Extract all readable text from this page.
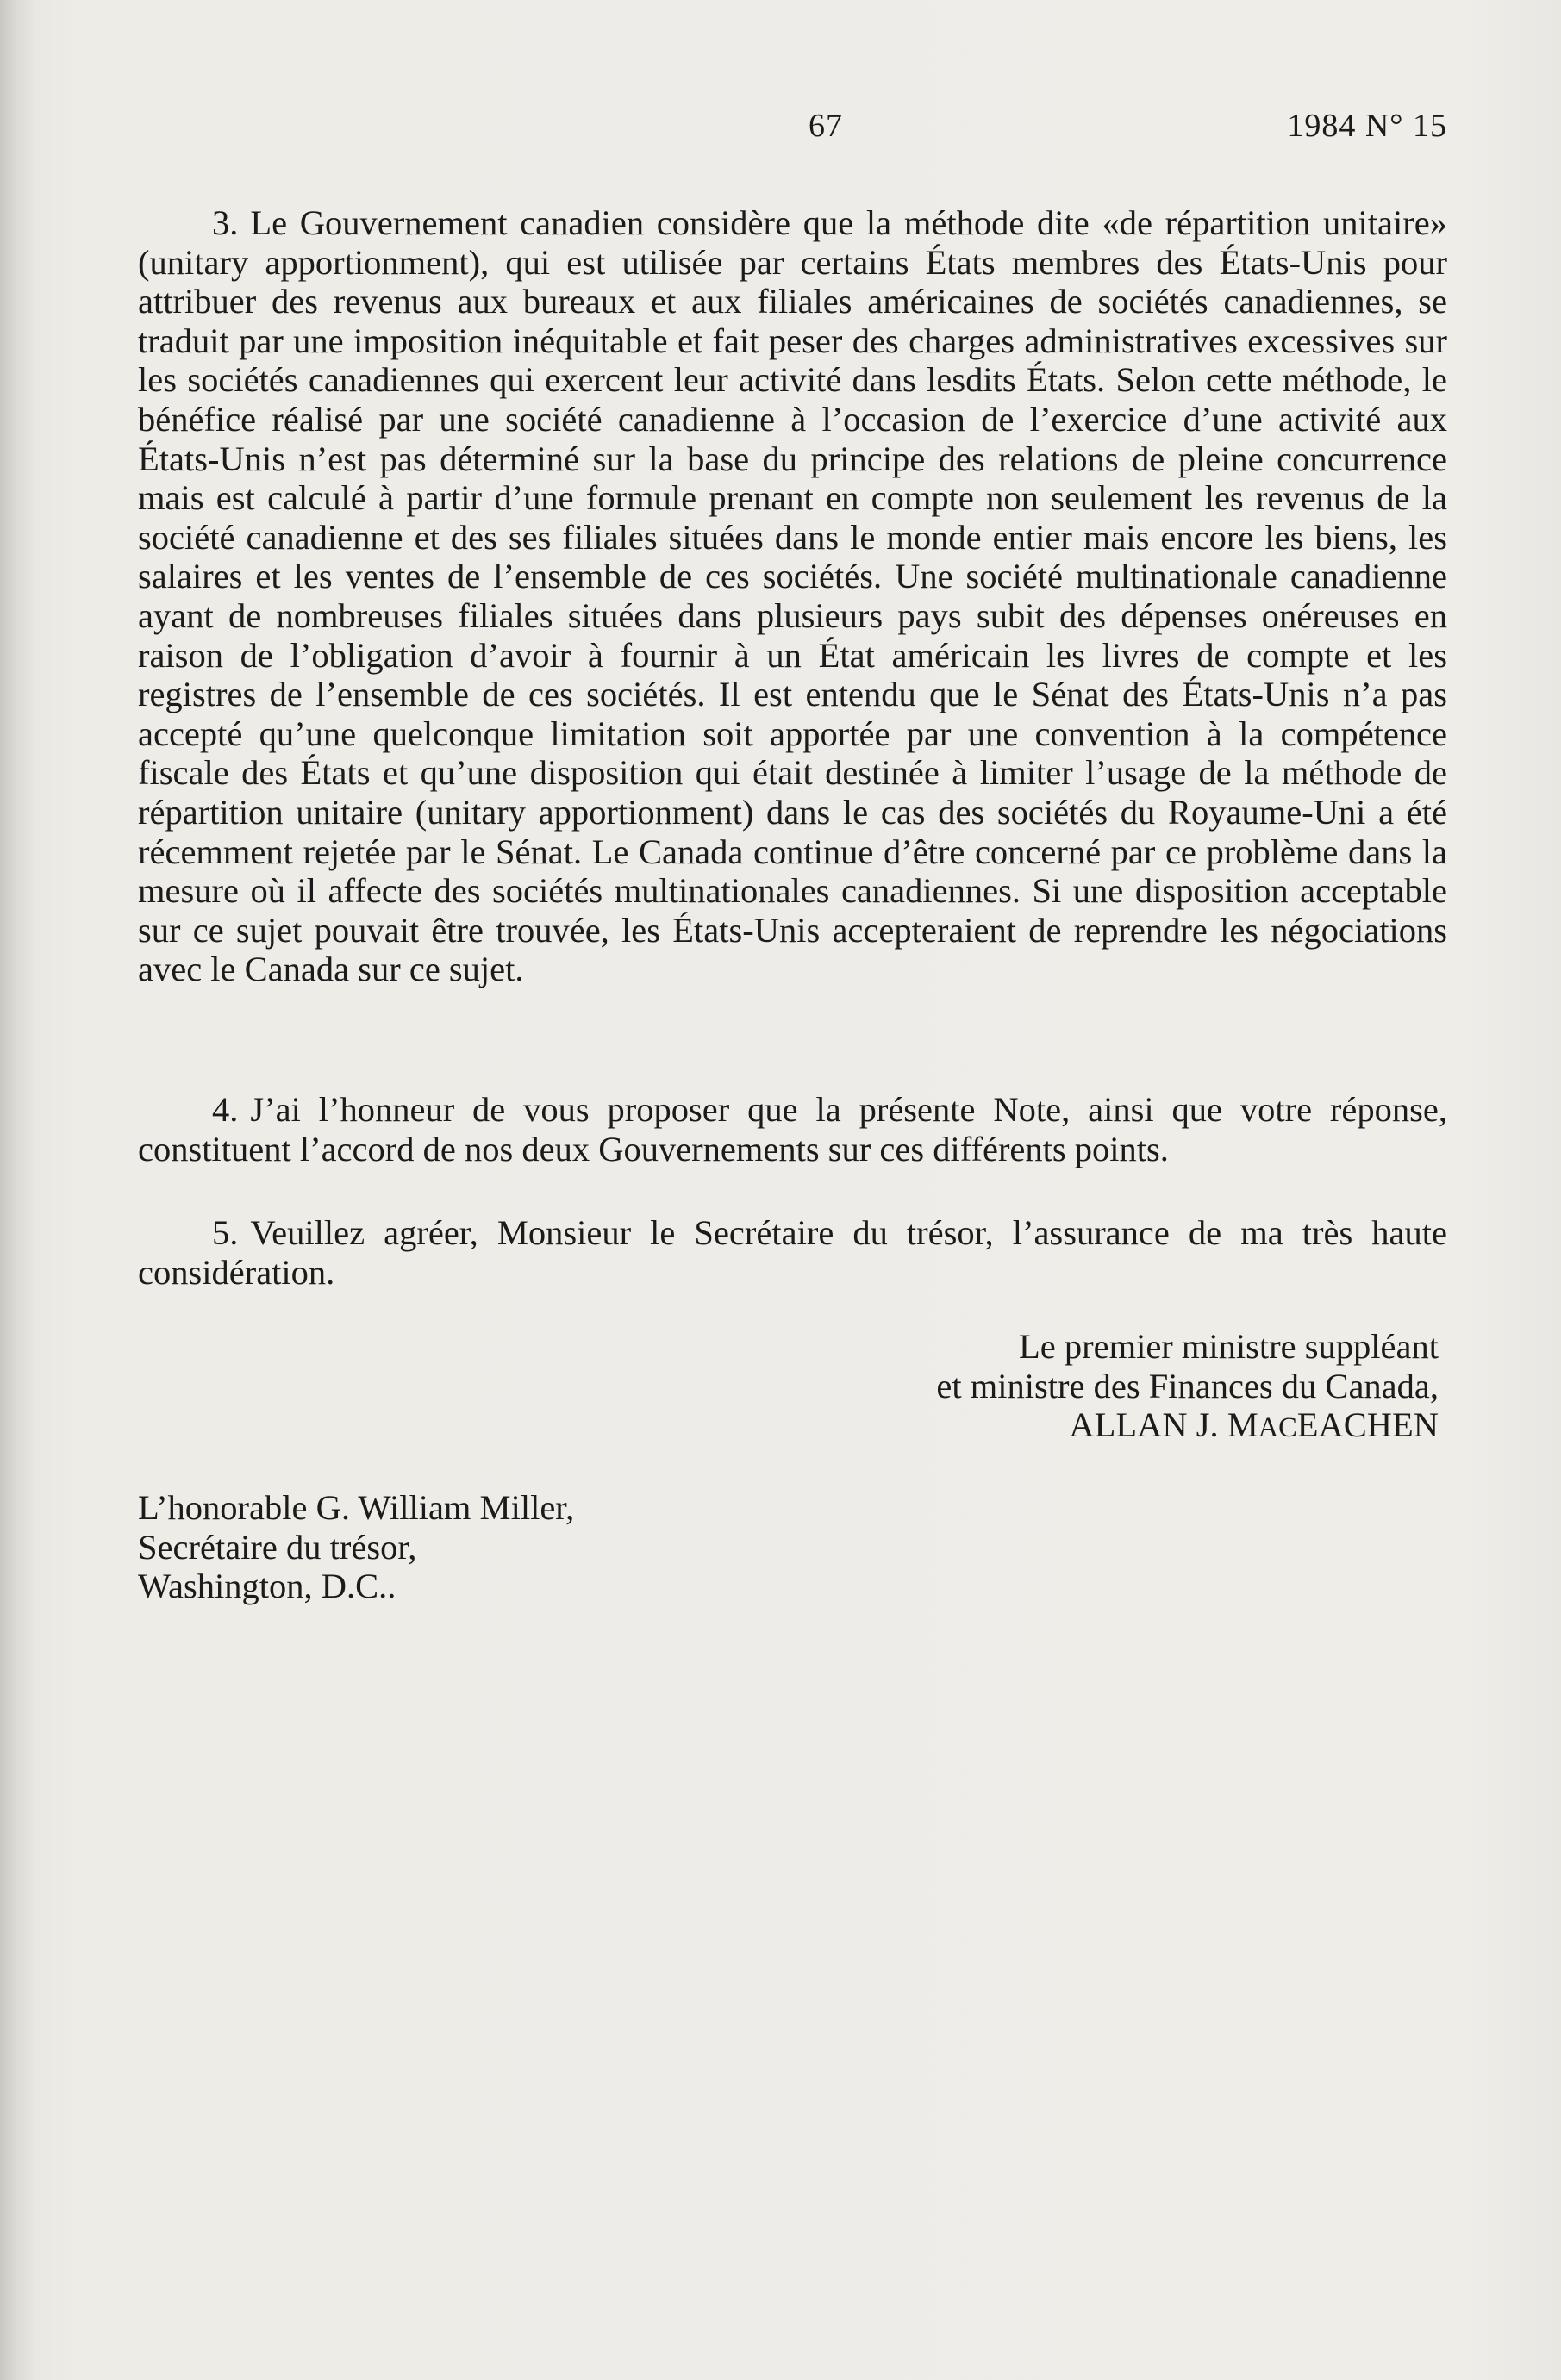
67	1984 N° 15
3. Le Gouvernement canadien considère que la méthode dite «de répartition unitaire» (unitary apportionment), qui est utilisée par certains États membres des États-Unis pour attribuer des revenus aux bureaux et aux filiales américaines de sociétés canadiennes, se traduit par une imposition inéquitable et fait peser des charges administratives excessives sur les sociétés canadiennes qui exercent leur activité dans lesdits États. Selon cette méthode, le bénéfice réalisé par une société canadienne à l’occasion de l’exercice d’une activité aux États-Unis n’est pas déterminé sur la base du principe des relations de pleine concurrence mais est calculé à partir d’une formule prenant en compte non seulement les revenus de la société canadienne et des ses filiales situées dans le monde entier mais encore les biens, les salaires et les ventes de l’ensemble de ces sociétés. Une société multinationale canadienne ayant de nombreuses filiales situées dans plusieurs pays subit des dépenses onéreuses en raison de l’obligation d’avoir à fournir à un État américain les livres de compte et les registres de l’ensemble de ces sociétés. Il est entendu que le Sénat des États-Unis n’a pas accepté qu’une quelconque limitation soit apportée par une convention à la compétence fiscale des États et qu’une disposition qui était destinée à limiter l’usage de la méthode de répartition unitaire (unitary apportionment) dans le cas des sociétés du Royaume-Uni a été récemment rejetée par le Sénat. Le Canada continue d’être concerné par ce problème dans la mesure où il affecte des sociétés multinationales canadiennes. Si une disposition acceptable sur ce sujet pouvait être trouvée, les États-Unis accepteraient de reprendre les négociations avec le Canada sur ce sujet.
4. J’ai l’honneur de vous proposer que la présente Note, ainsi que votre réponse, constituent l’accord de nos deux Gouvernements sur ces différents points.
5. Veuillez agréer, Monsieur le Secrétaire du trésor, l’assurance de ma très haute considération.
Le premier ministre suppléant
et ministre des Finances du Canada,
ALLAN J. MACEACHEN
L’honorable G. William Miller,
Secrétaire du trésor,
Washington, D.C..
